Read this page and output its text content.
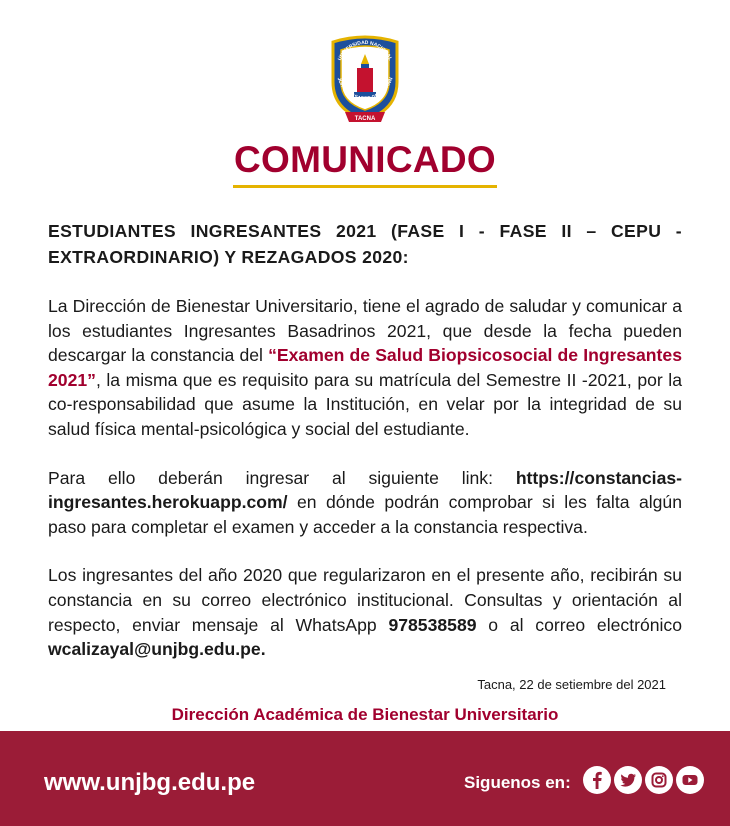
TACNA
UNIVERSIDAD NACIONAL
JORGE BASADRE GROHMANN
COMUNICADO

ESTUDIANTES INGRESANTES 2021 (FASE I - FASE II – CEPU - EXTRAORDINARIO) Y REZAGADOS 2020:

La Dirección de Bienestar Universitario, tiene el agrado de saludar y comunicar a los estudiantes Ingresantes Basadrinos 2021, que desde la fecha pueden descargar la constancia del “Examen de Salud Biopsicosocial de Ingresantes 2021”, la misma que es requisito para su matrícula del Semestre II -2021, por la co-responsabilidad que asume la Institución, en velar por la integridad de su salud física mental-psicológica y social del estudiante.

Para ello deberán ingresar al siguiente link: https://constancias-ingresantes.herokuapp.com/ en dónde podrán comprobar si les falta algún paso para completar el examen y acceder a la constancia respectiva.

Los ingresantes del año 2020 que regularizaron en el presente año, recibirán su constancia en su correo electrónico institucional. Consultas y orientación al respecto, enviar mensaje al WhatsApp 978538589 o al correo electrónico wcalizayal@unjbg.edu.pe.

Tacna, 22 de setiembre del 2021
Dirección Académica de Bienestar Universitario
www.unjbg.edu.pe	Siguenos en:
